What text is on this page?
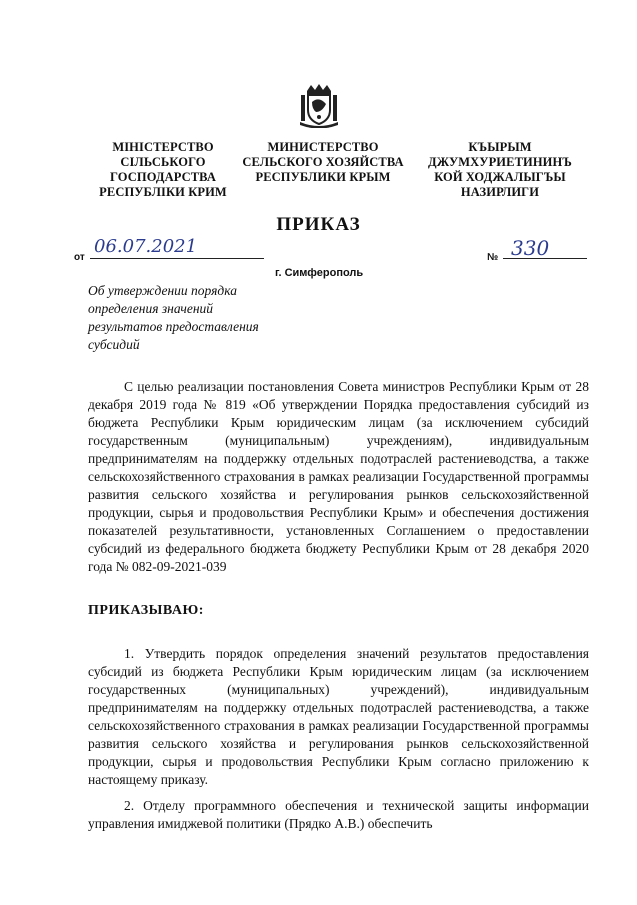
МІНІСТЕРСТВО
СІЛЬСЬКОГО
ГОСПОДАРСТВА
РЕСПУБЛІКИ КРИМ
МИНИСТЕРСТВО
СЕЛЬСКОГО ХОЗЯЙСТВА
РЕСПУБЛИКИ КРЫМ
КЪЫРЫМ
ДЖУМХУРИЕТИНИНЪ
КОЙ ХОДЖАЛЫГЪЫ
НАЗИРЛИГИ
ПРИКАЗ
от
06.07.2021
№ 330
г. Симферополь
Об утверждении порядка
определения значений
результатов предоставления
субсидий
С целью реализации постановления Совета министров Республики Крым от 28 декабря 2019 года № 819 «Об утверждении Порядка предоставления субсидий из бюджета Республики Крым юридическим лицам (за исключением субсидий государственным (муниципальным) учреждениям), индивидуальным предпринимателям на поддержку отдельных подотраслей растениеводства, а также сельскохозяйственного страхования в рамках реализации Государственной программы развития сельского хозяйства и регулирования рынков сельскохозяйственной продукции, сырья и продовольствия Республики Крым» и обеспечения достижения показателей результативности, установленных Соглашением о предоставлении субсидий из федерального бюджета бюджету Республики Крым от 28 декабря 2020 года № 082-09-2021-039
ПРИКАЗЫВАЮ:
1. Утвердить порядок определения значений результатов предоставления субсидий из бюджета Республики Крым юридическим лицам (за исключением государственных (муниципальных) учреждений), индивидуальным предпринимателям на поддержку отдельных подотраслей растениеводства, а также сельскохозяйственного страхования в рамках реализации Государственной программы развития сельского хозяйства и регулирования рынков сельскохозяйственной продукции, сырья и продовольствия Республики Крым согласно приложению к настоящему приказу.
2. Отделу программного обеспечения и технической защиты информации управления имиджевой политики (Прядко А.В.) обеспечить
